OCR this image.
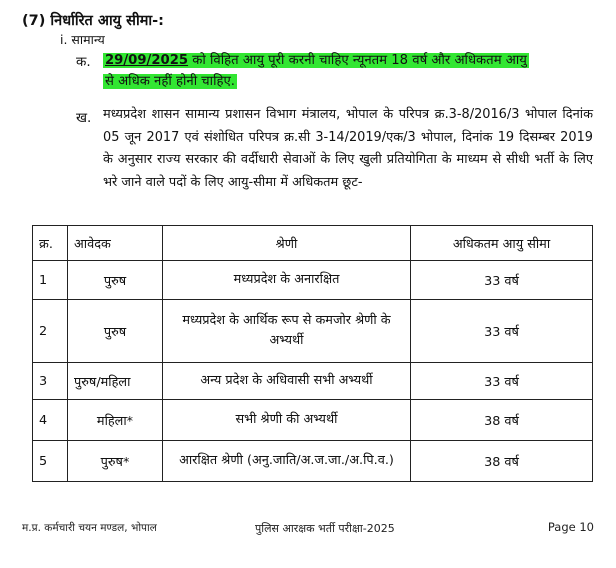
(7) निर्धारित आयु सीमा-:
i. सामान्य
क. 29/09/2025 को विहित आयु पूरी करनी चाहिए न्यूनतम 18 वर्ष और अधिकतम आयु
से अधिक नहीं होनी चाहिए.
ख. मध्यप्रदेश शासन सामान्य प्रशासन विभाग मंत्रालय, भोपाल के परिपत्र क्र.3-8/2016/3 भोपाल दिनांक 05 जून 2017 एवं संशोधित परिपत्र क्र.सी 3-14/2019/एक/3 भोपाल, दिनांक 19 दिसम्बर 2019 के अनुसार राज्य सरकार की वर्दीधारी सेवाओं के लिए खुली प्रतियोगिता के माध्यम से सीधी भर्ती के लिए भरे जाने वाले पदों के लिए आयु-सीमा में अधिकतम छूट-
क्र.	आवेदक	श्रेणी	अधिकतम आयु सीमा
1	पुरुष	मध्यप्रदेश के अनारक्षित	33 वर्ष
2	पुरुष	मध्यप्रदेश के आर्थिक रूप से कमजोर श्रेणी के अभ्यर्थी	33 वर्ष
3	पुरुष/महिला	अन्य प्रदेश के अधिवासी सभी अभ्यर्थी	33 वर्ष
4	महिला*	सभी श्रेणी की अभ्यर्थी	38 वर्ष
5	पुरुष*	आरक्षित श्रेणी (अनु.जाति/अ.ज.जा./अ.पि.व.)	38 वर्ष
म.प्र. कर्मचारी चयन मण्डल, भोपाल	पुलिस आरक्षक भर्ती परीक्षा-2025	Page 10
